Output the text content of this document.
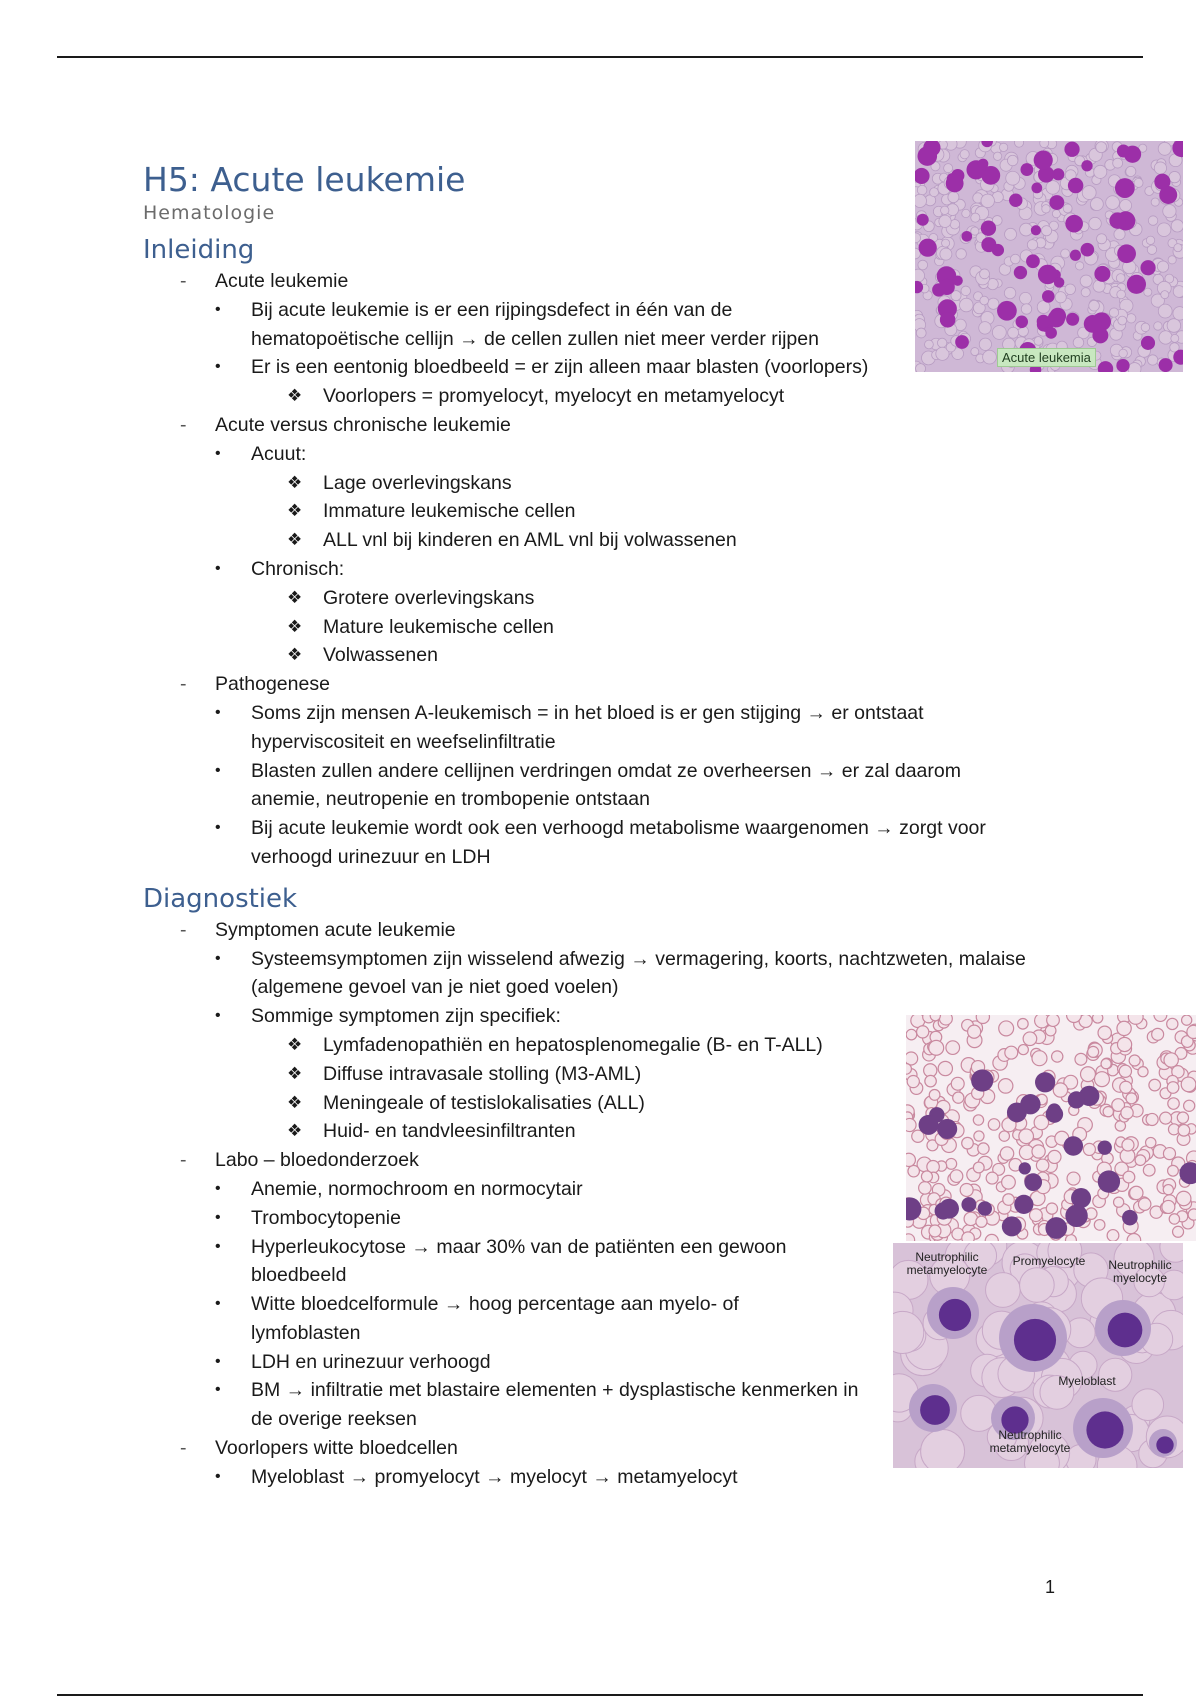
Acute leukemia
Neutrophilic metamyelocyte
Promyelocyte	Neutrophilic myelocyte
Myeloblast
Neutrophilic metamyelocyte
H5: Acute leukemie
Hematologie
Inleiding
- Acute leukemie
• Bij acute leukemie is er een rijpingsdefect in één van de hematopoëtische cellijn → de cellen zullen niet meer verder rijpen
• Er is een eentonig bloedbeeld = er zijn alleen maar blasten (voorlopers)
❖ Voorlopers = promyelocyt, myelocyt en metamyelocyt
- Acute versus chronische leukemie
• Acuut:
❖ Lage overlevingskans
❖ Immature leukemische cellen
❖ ALL vnl bij kinderen en AML vnl bij volwassenen
• Chronisch:
❖ Grotere overlevingskans
❖ Mature leukemische cellen
❖ Volwassenen
- Pathogenese
• Soms zijn mensen A-leukemisch = in het bloed is er gen stijging → er ontstaat hyperviscositeit en weefselinfiltratie
• Blasten zullen andere cellijnen verdringen omdat ze overheersen → er zal daarom anemie, neutropenie en trombopenie ontstaan
• Bij acute leukemie wordt ook een verhoogd metabolisme waargenomen → zorgt voor verhoogd urinezuur en LDH
Diagnostiek
- Symptomen acute leukemie
• Systeemsymptomen zijn wisselend afwezig → vermagering, koorts, nachtzweten, malaise (algemene gevoel van je niet goed voelen)
• Sommige symptomen zijn specifiek:
❖ Lymfadenopathiën en hepatosplenomegalie (B- en T-ALL)
❖ Diffuse intravasale stolling (M3-AML)
❖ Meningeale of testislokalisaties (ALL)
❖ Huid- en tandvleesinfiltranten
- Labo – bloedonderzoek
• Anemie, normochroom en normocytair
• Trombocytopenie
• Hyperleukocytose → maar 30% van de patiënten een gewoon bloedbeeld
• Witte bloedcelformule → hoog percentage aan myelo- of lymfoblasten
• LDH en urinezuur verhoogd
• BM → infiltratie met blastaire elementen + dysplastische kenmerken in de overige reeksen
- Voorlopers witte bloedcellen
• Myeloblast → promyelocyt → myelocyt → metamyelocyt
1
